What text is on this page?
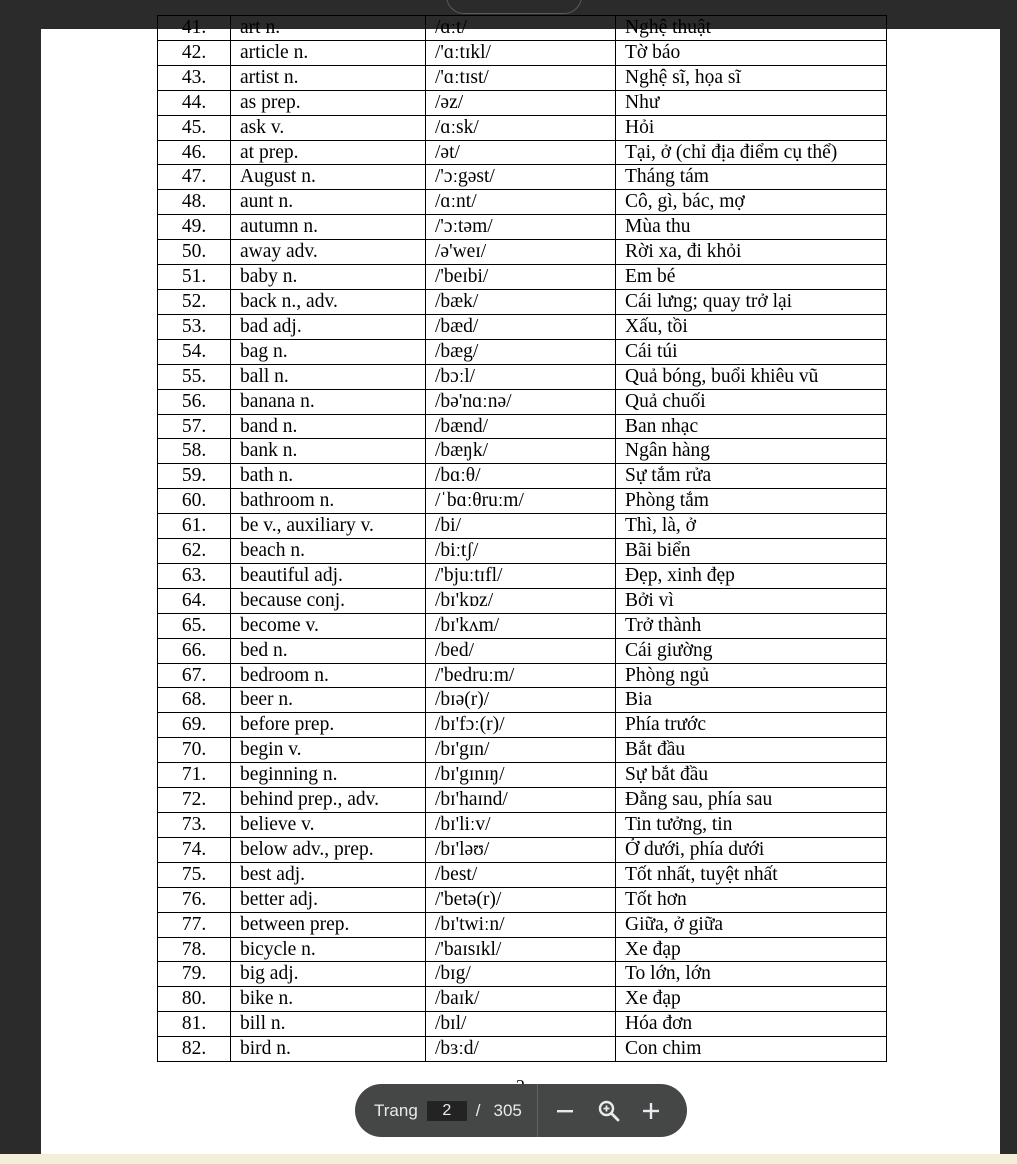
41.	art n.	/ɑːt/	Nghệ thuật
42.	article n.	/'ɑːtɪkl/	Tờ báo
43.	artist n.	/'ɑːtɪst/	Nghệ sĩ, họa sĩ
44.	as prep.	/əz/	Như
45.	ask v.	/ɑːsk/	Hỏi
46.	at prep.	/ət/	Tại, ở (chỉ địa điểm cụ thể)
47.	August n.	/'ɔːgəst/	Tháng tám
48.	aunt n.	/ɑːnt/	Cô, gì, bác, mợ
49.	autumn n.	/'ɔːtəm/	Mùa thu
50.	away adv.	/ə'weɪ/	Rời xa, đi khỏi
51.	baby n.	/'beɪbi/	Em bé
52.	back n., adv.	/bæk/	Cái lưng; quay trở lại
53.	bad adj.	/bæd/	Xấu, tồi
54.	bag n.	/bæg/	Cái túi
55.	ball n.	/bɔːl/	Quả bóng, buổi khiêu vũ
56.	banana n.	/bə'nɑːnə/	Quả chuối
57.	band n.	/bænd/	Ban nhạc
58.	bank n.	/bæŋk/	Ngân hàng
59.	bath n.	/bɑːθ/	Sự tắm rửa
60.	bathroom n.	/ˈbɑːθruːm/	Phòng tắm
61.	be v., auxiliary v.	/bi/	Thì, là, ở
62.	beach n.	/biːtʃ/	Bãi biển
63.	beautiful adj.	/'bjuːtɪfl/	Đẹp, xinh đẹp
64.	because conj.	/bɪ'kɒz/	Bởi vì
65.	become v.	/bɪ'kʌm/	Trở thành
66.	bed n.	/bed/	Cái giường
67.	bedroom n.	/'bedruːm/	Phòng ngủ
68.	beer n.	/bɪə(r)/	Bia
69.	before prep.	/bɪ'fɔː(r)/	Phía trước
70.	begin v.	/bɪ'gɪn/	Bắt đầu
71.	beginning n.	/bɪ'gɪnɪŋ/	Sự bắt đầu
72.	behind prep., adv.	/bɪ'haɪnd/	Đằng sau, phía sau
73.	believe v.	/bɪ'liːv/	Tin tưởng, tin
74.	below adv., prep.	/bɪ'ləʊ/	Ở dưới, phía dưới
75.	best adj.	/best/	Tốt nhất, tuyệt nhất
76.	better adj.	/'betə(r)/	Tốt hơn
77.	between prep.	/bɪ'twiːn/	Giữa, ở giữa
78.	bicycle n.	/'baɪsɪkl/	Xe đạp
79.	big adj.	/bɪg/	To lớn, lớn
80.	bike n.	/baɪk/	Xe đạp
81.	bill n.	/bɪl/	Hóa đơn
82.	bird n.	/bɜːd/	Con chim
Trang
2	/ 305
